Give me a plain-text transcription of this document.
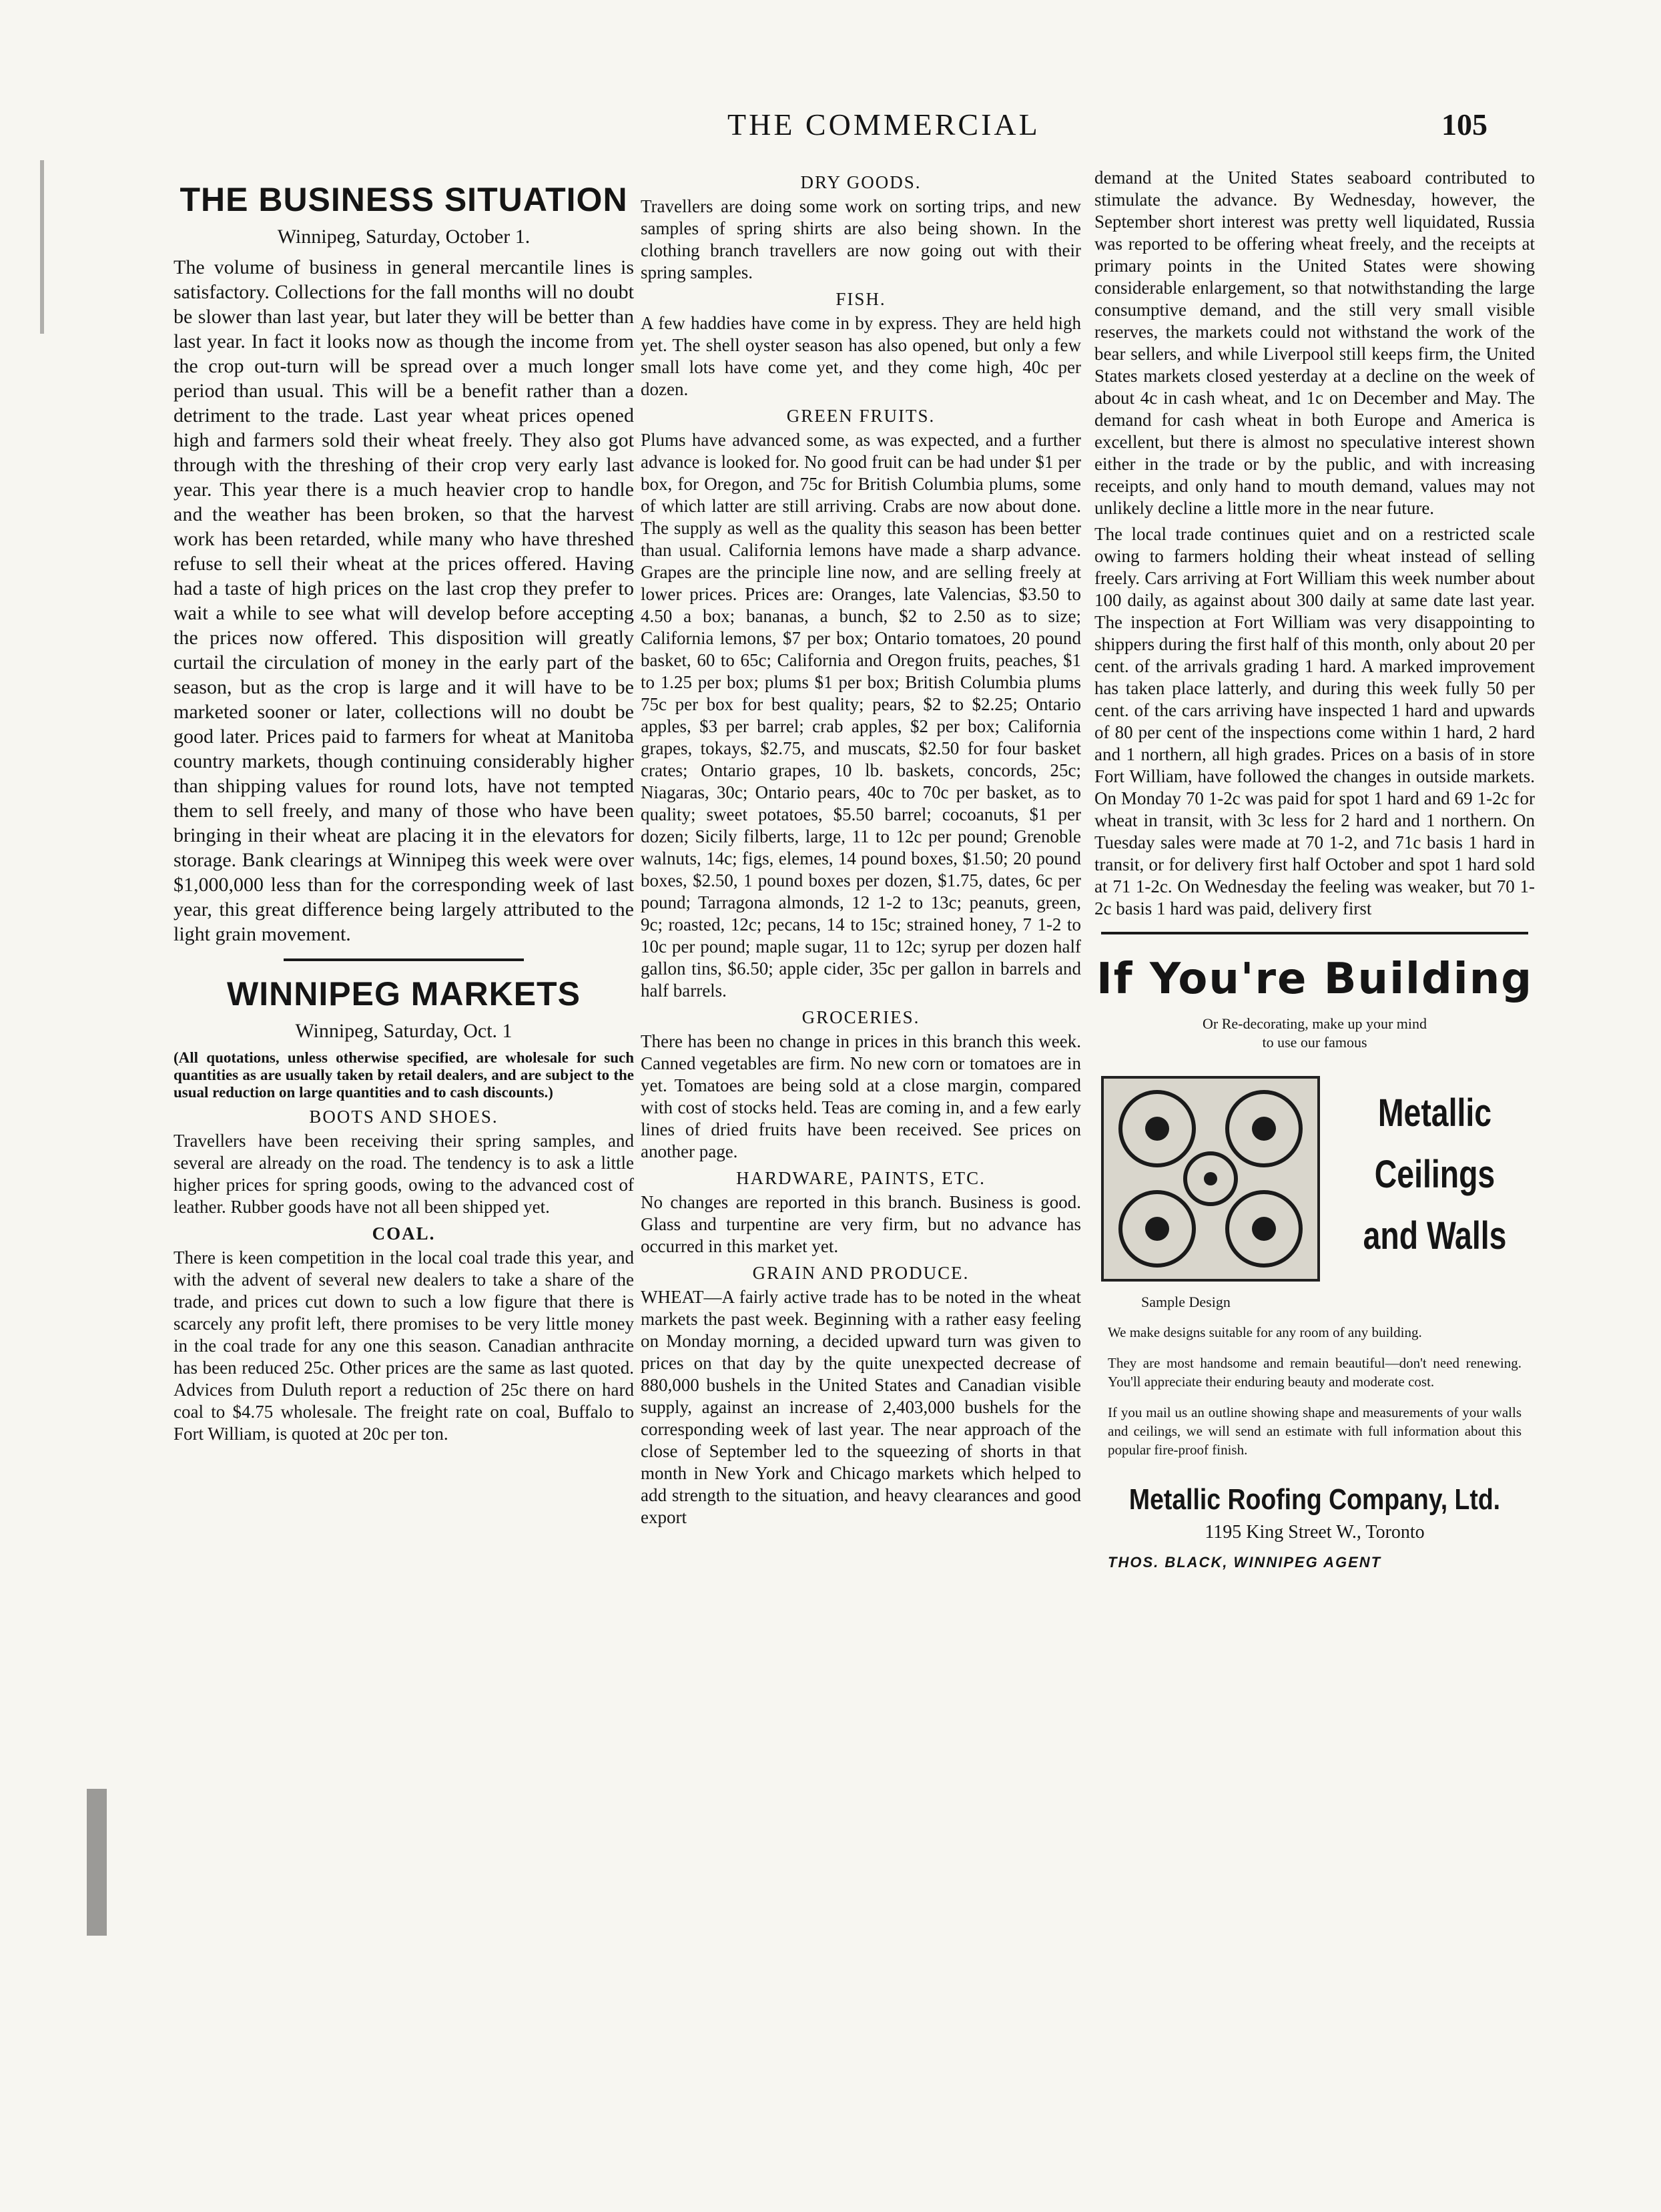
THE COMMERCIAL	105
THE BUSINESS SITUATION
Winnipeg, Saturday, October 1.

The volume of business in general mercantile lines is satisfactory. Collections for the fall months will no doubt be slower than last year, but later they will be better than last year. In fact it looks now as though the income from the crop out-turn will be spread over a much longer period than usual. This will be a benefit rather than a detriment to the trade. Last year wheat prices opened high and farmers sold their wheat freely. They also got through with the threshing of their crop very early last year. This year there is a much heavier crop to handle and the weather has been broken, so that the harvest work has been retarded, while many who have threshed refuse to sell their wheat at the prices offered. Having had a taste of high prices on the last crop they prefer to wait a while to see what will develop before accepting the prices now offered. This disposition will greatly curtail the circulation of money in the early part of the season, but as the crop is large and it will have to be marketed sooner or later, collections will no doubt be good later. Prices paid to farmers for wheat at Manitoba country markets, though continuing considerably higher than shipping values for round lots, have not tempted them to sell freely, and many of those who have been bringing in their wheat are placing it in the elevators for storage. Bank clearings at Winnipeg this week were over $1,000,000 less than for the corresponding week of last year, this great difference being largely attributed to the light grain movement.

WINNIPEG MARKETS
Winnipeg, Saturday, Oct. 1

(All quotations, unless otherwise specified, are wholesale for such quantities as are usually taken by retail dealers, and are subject to the usual reduction on large quantities and to cash discounts.)

BOOTS AND SHOES.

Travellers have been receiving their spring samples, and several are already on the road. The tendency is to ask a little higher prices for spring goods, owing to the advanced cost of leather. Rubber goods have not all been shipped yet.

COAL.

There is keen competition in the local coal trade this year, and with the advent of several new dealers to take a share of the trade, and prices cut down to such a low figure that there is scarcely any profit left, there promises to be very little money in the coal trade for any one this season. Canadian anthracite has been reduced 25c. Other prices are the same as last quoted. Advices from Duluth report a reduction of 25c there on hard coal to $4.75 wholesale. The freight rate on coal, Buffalo to Fort William, is quoted at 20c per ton.

DRY GOODS.

Travellers are doing some work on sorting trips, and new samples of spring shirts are also being shown. In the clothing branch travellers are now going out with their spring samples.

FISH.

A few haddies have come in by express. They are held high yet. The shell oyster season has also opened, but only a few small lots have come yet, and they come high, 40c per dozen.

GREEN FRUITS.

Plums have advanced some, as was expected, and a further advance is looked for. No good fruit can be had under $1 per box, for Oregon, and 75c for British Columbia plums, some of which latter are still arriving. Crabs are now about done. The supply as well as the quality this season has been better than usual. California lemons have made a sharp advance. Grapes are the principle line now, and are selling freely at lower prices. Prices are: Oranges, late Valencias, $3.50 to 4.50 a box; bananas, a bunch, $2 to 2.50 as to size; California lemons, $7 per box; Ontario tomatoes, 20 pound basket, 60 to 65c; California and Oregon fruits, peaches, $1 to 1.25 per box; plums $1 per box; British Columbia plums 75c per box for best quality; pears, $2 to $2.25; Ontario apples, $3 per barrel; crab apples, $2 per box; California grapes, tokays, $2.75, and muscats, $2.50 for four basket crates; Ontario grapes, 10 lb. baskets, concords, 25c; Niagaras, 30c; Ontario pears, 40c to 70c per basket, as to quality; sweet potatoes, $5.50 barrel; cocoanuts, $1 per dozen; Sicily filberts, large, 11 to 12c per pound; Grenoble walnuts, 14c; figs, elemes, 14 pound boxes, $1.50; 20 pound boxes, $2.50, 1 pound boxes per dozen, $1.75, dates, 6c per pound; Tarragona almonds, 12 1-2 to 13c; peanuts, green, 9c; roasted, 12c; pecans, 14 to 15c; strained honey, 7 1-2 to 10c per pound; maple sugar, 11 to 12c; syrup per dozen half gallon tins, $6.50; apple cider, 35c per gallon in barrels and half barrels.

GROCERIES.

There has been no change in prices in this branch this week. Canned vegetables are firm. No new corn or tomatoes are in yet. Tomatoes are being sold at a close margin, compared with cost of stocks held. Teas are coming in, and a few early lines of dried fruits have been received. See prices on another page.

HARDWARE, PAINTS, ETC.

No changes are reported in this branch. Business is good. Glass and turpentine are very firm, but no advance has occurred in this market yet.

GRAIN AND PRODUCE.

WHEAT—A fairly active trade has to be noted in the wheat markets the past week. Beginning with a rather easy feeling on Monday morning, a decided upward turn was given to prices on that day by the quite unexpected decrease of 880,000 bushels in the United States and Canadian visible supply, against an increase of 2,403,000 bushels for the corresponding week of last year. The near approach of the close of September led to the squeezing of shorts in that month in New York and Chicago markets which helped to add strength to the situation, and heavy clearances and good export

demand at the United States seaboard contributed to stimulate the advance. By Wednesday, however, the September short interest was pretty well liquidated, Russia was reported to be offering wheat freely, and the receipts at primary points in the United States were showing considerable enlargement, so that notwithstanding the large consumptive demand, and the still very small visible reserves, the markets could not withstand the work of the bear sellers, and while Liverpool still keeps firm, the United States markets closed yesterday at a decline on the week of about 4c in cash wheat, and 1c on December and May. The demand for cash wheat in both Europe and America is excellent, but there is almost no speculative interest shown either in the trade or by the public, and with increasing receipts, and only hand to mouth demand, values may not unlikely decline a little more in the near future.

The local trade continues quiet and on a restricted scale owing to farmers holding their wheat instead of selling freely. Cars arriving at Fort William this week number about 100 daily, as against about 300 daily at same date last year. The inspection at Fort William was very disappointing to shippers during the first half of this month, only about 20 per cent. of the arrivals grading 1 hard. A marked improvement has taken place latterly, and during this week fully 50 per cent. of the cars arriving have inspected 1 hard and upwards of 80 per cent of the inspections come within 1 hard, 2 hard and 1 northern, all high grades. Prices on a basis of in store Fort William, have followed the changes in outside markets. On Monday 70 1-2c was paid for spot 1 hard and 69 1-2c for wheat in transit, with 3c less for 2 hard and 1 northern. On Tuesday sales were made at 70 1-2, and 71c basis 1 hard in transit, or for delivery first half October and spot 1 hard sold at 71 1-2c. On Wednesday the feeling was weaker, but 70 1-2c basis 1 hard was paid, delivery first

If You're Building

Or Re-decorating, make up your mind

to use our famous

Metallic
Ceilings
and Walls
Sample Design

We make designs suitable for any room of any building.

They are most handsome and remain beautiful—don't need renewing. You'll appreciate their enduring beauty and moderate cost.

If you mail us an outline showing shape and measurements of your walls and ceilings, we will send an estimate with full information about this popular fire-proof finish.

Metallic Roofing Company, Ltd.
1195 King Street W., Toronto
THOS. BLACK, WINNIPEG AGENT
